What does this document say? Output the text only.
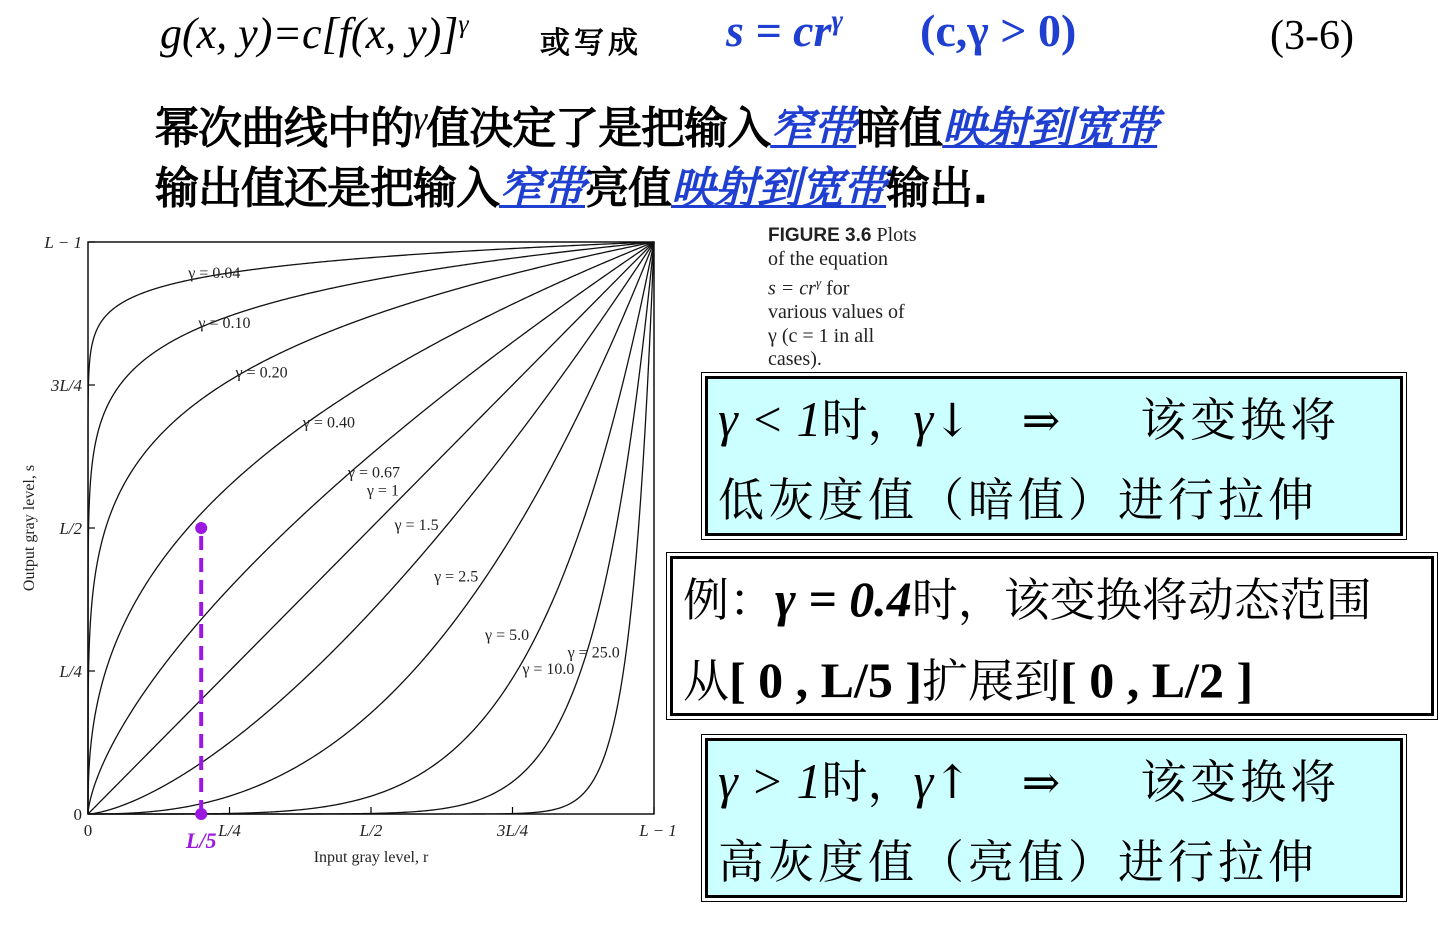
g(x, y)=c[f(x, y)]$^\gamma$
或写成 $s = cr^\gamma$ (c,γ > 0)	(3-6)
幂次曲线中的$^\gamma$值决定了是把输入窄带暗值映射到宽带
输出值还是把输入窄带亮值映射到宽带输出.
0	L/4	L/2	3L/4	L − 1
0
L/4
L/2
3L/4
L − 1
Input gray level, r
Output gray level, s
γ = 0.04
γ = 0.10
γ = 0.20
γ = 0.40
γ = 0.67
γ = 1
γ = 1.5
γ = 2.5
γ = 5.0
γ = 10.0
γ = 25.0
L/5
FIGURE 3.6 Plots
of the equation
$s = cr^\gamma$ for
various values of
γ (c = 1 in all
cases).
γ < 1时，γ↓ ⇒ 该变换将
低灰度值（暗值）进行拉伸
例：γ = 0.4时，该变换将动态范围
从[ 0 , L/5 ]扩展到[ 0 , L/2 ]
γ > 1时，γ↑ ⇒ 该变换将
高灰度值（亮值）进行拉伸
